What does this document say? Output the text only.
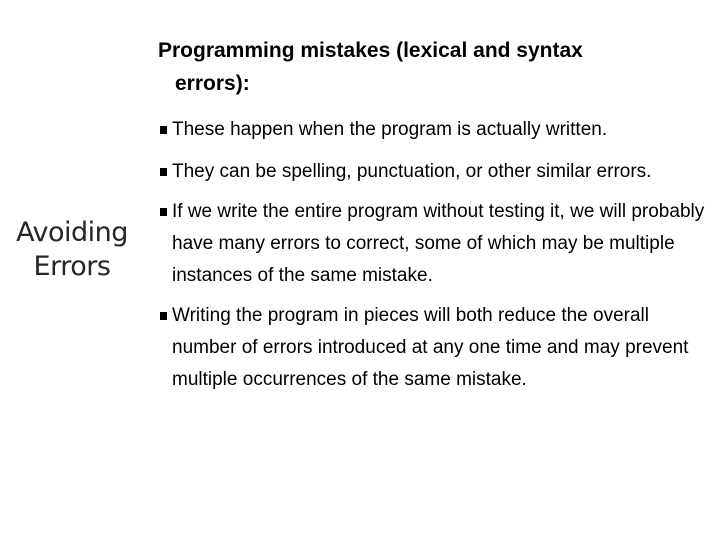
Avoiding
Errors
Programming mistakes (lexical and syntax
errors):
These happen when the program is actually written.
They can be spelling, punctuation, or other similar errors.
If we write the entire program without testing it, we will probably have many errors to correct, some of which may be multiple instances of the same mistake.
Writing the program in pieces will both reduce the overall number of errors introduced at any one time and may prevent multiple occurrences of the same mistake.
